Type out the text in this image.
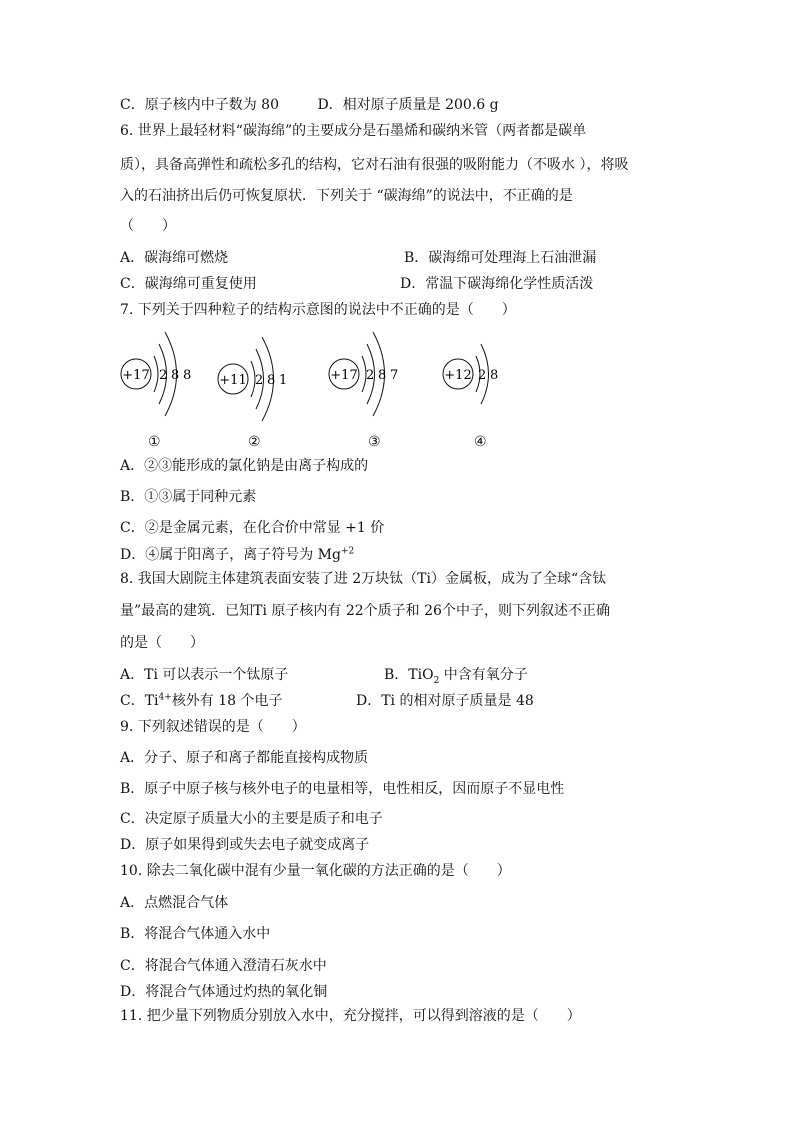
C．原子核内中子数为 80	D．相对原子质量是 200.6 g
6. 世界上最轻材料“碳海绵”的主要成分是石墨烯和碳纳米管（两者都是碳单
质），具备高弹性和疏松多孔的结构，它对石油有很强的吸附能力（不吸水 ），将吸
入的石油挤出后仍可恢复原状．下列关于 “碳海绵”的说法中，不正确的是
（　　）
A．碳海绵可燃烧	B．碳海绵可处理海上石油泄漏
C．碳海绵可重复使用	D．常温下碳海绵化学性质活泼
7. 下列关于四种粒子的结构示意图的说法中不正确的是（　　）
+17 2 8 8 +11 2 8 1	+17 2 8 7	+12 2 8
①	②	③	④
A．②③能形成的氯化钠是由离子构成的
B．①③属于同种元素
C．②是金属元素，在化合价中常显 +1 价
D．④属于阳离子，离子符号为 $Mg^{+2}$
8. 我国大剧院主体建筑表面安装了进 2万块钛（Ti）金属板，成为了全球“含钛
量”最高的建筑．已知Ti 原子核内有 22个质子和 26个中子，则下列叙述不正确
的是（　　）
A．Ti 可以表示一个钛原子	B．TiO$_2$ 中含有氧分子
C．$Ti^{4+}$核外有 18 个电子	D．Ti 的相对原子质量是 48
9. 下列叙述错误的是（　　）
A．分子、原子和离子都能直接构成物质
B．原子中原子核与核外电子的电量相等，电性相反，因而原子不显电性
C．决定原子质量大小的主要是质子和电子
D．原子如果得到或失去电子就变成离子
10. 除去二氧化碳中混有少量一氧化碳的方法正确的是（　　）
A．点燃混合气体
B．将混合气体通入水中
C．将混合气体通入澄清石灰水中
D．将混合气体通过灼热的氧化铜
11. 把少量下列物质分别放入水中，充分搅拌，可以得到溶液的是（　　）
